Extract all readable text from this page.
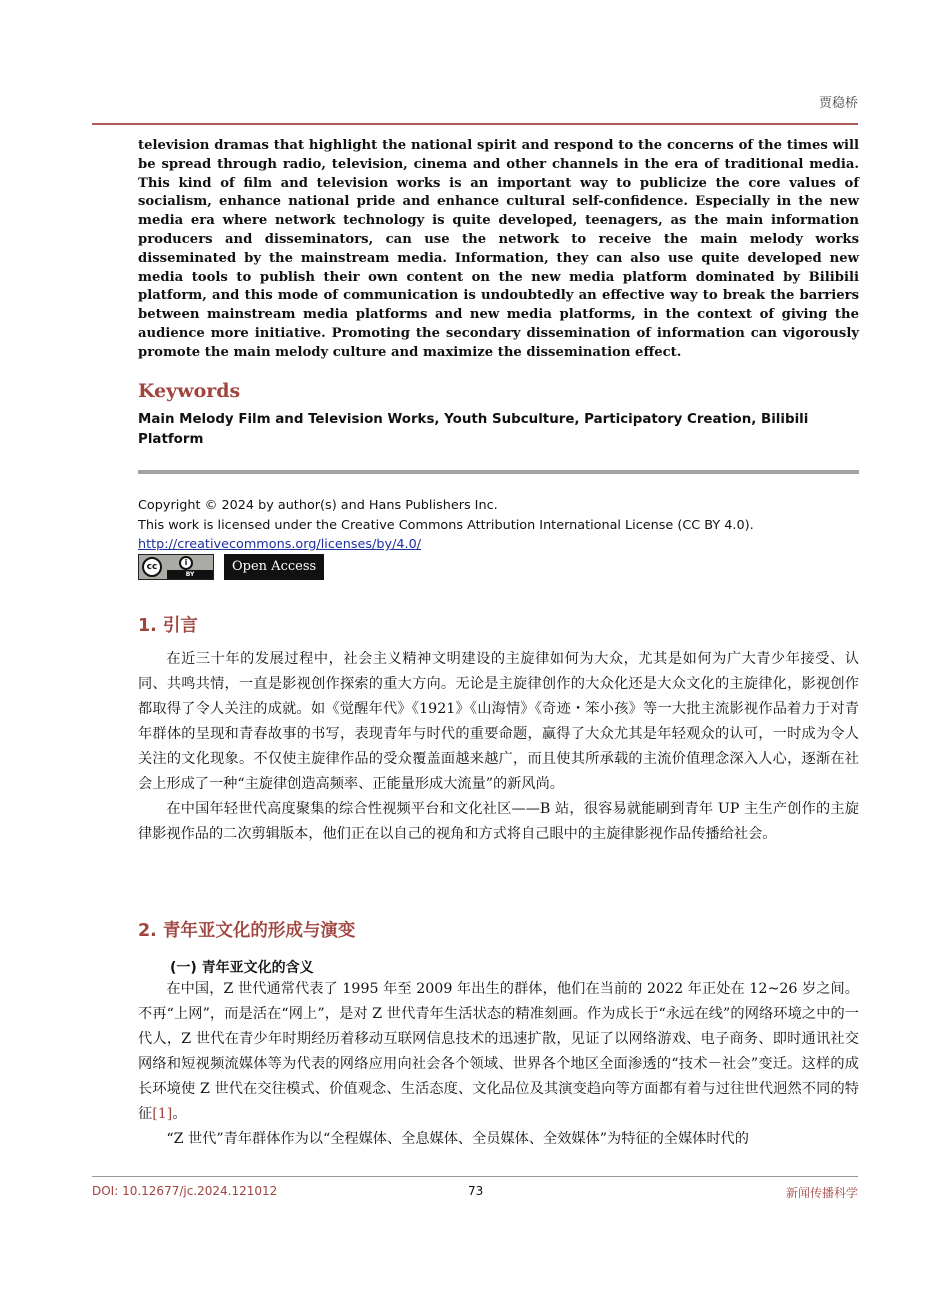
贾稳桥
television dramas that highlight the national spirit and respond to the concerns of the times will be spread through radio, television, cinema and other channels in the era of traditional media. This kind of film and television works is an important way to publicize the core values of socialism, enhance national pride and enhance cultural self-confidence. Especially in the new media era where network technology is quite developed, teenagers, as the main information producers and disseminators, can use the network to receive the main melody works disseminated by the mainstream media. Information, they can also use quite developed new media tools to publish their own content on the new media platform dominated by Bilibili platform, and this mode of communication is undoubtedly an effective way to break the barriers between mainstream media platforms and new media platforms, in the context of giving the audience more initiative. Promoting the secondary dissemination of information can vigorously promote the main melody culture and maximize the dissemination effect.
Keywords
Main Melody Film and Television Works, Youth Subculture, Participatory Creation, Bilibili Platform
Copyright © 2024 by author(s) and Hans Publishers Inc.
This work is licensed under the Creative Commons Attribution International License (CC BY 4.0).
http://creativecommons.org/licenses/by/4.0/
cc	i
BY
Open Access
1. 引言

在近三十年的发展过程中，社会主义精神文明建设的主旋律如何为大众，尤其是如何为广大青少年接受、认同、共鸣共情，一直是影视创作探索的重大方向。无论是主旋律创作的大众化还是大众文化的主旋律化，影视创作都取得了令人关注的成就。如《觉醒年代》《1921》《山海情》《奇迹・笨小孩》等一大批主流影视作品着力于对青年群体的呈现和青春故事的书写，表现青年与时代的重要命题，赢得了大众尤其是年轻观众的认可，一时成为令人关注的文化现象。不仅使主旋律作品的受众覆盖面越来越广，而且使其所承载的主流价值理念深入人心，逐渐在社会上形成了一种“主旋律创造高频率、正能量形成大流量”的新风尚。

在中国年轻世代高度聚集的综合性视频平台和文化社区——B 站，很容易就能刷到青年 UP 主生产创作的主旋律影视作品的二次剪辑版本，他们正在以自己的视角和方式将自己眼中的主旋律影视作品传播给社会。

2. 青年亚文化的形成与演变
(一) 青年亚文化的含义

在中国，Z 世代通常代表了 1995 年至 2009 年出生的群体，他们在当前的 2022 年正处在 12~26 岁之间。不再“上网”，而是活在“网上”，是对 Z 世代青年生活状态的精准刻画。作为成长于“永远在线”的网络环境之中的一代人，Z 世代在青少年时期经历着移动互联网信息技术的迅速扩散，见证了以网络游戏、电子商务、即时通讯社交网络和短视频流媒体等为代表的网络应用向社会各个领域、世界各个地区全面渗透的“技术－社会”变迁。这样的成长环境使 Z 世代在交往模式、价值观念、生活态度、文化品位及其演变趋向等方面都有着与过往世代迥然不同的特征[1]。

“Z 世代”青年群体作为以“全程媒体、全息媒体、全员媒体、全效媒体”为特征的全媒体时代的

DOI: 10.12677/jc.2024.121012	73	新闻传播科学
